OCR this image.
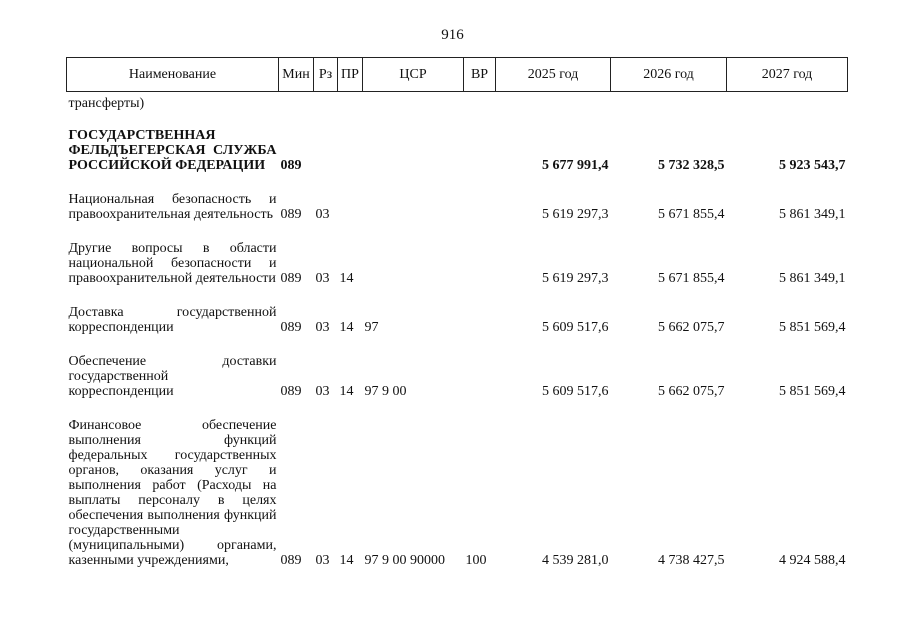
916
Наименование	Мин	Рз	ПР	ЦСР	ВР	2025 год	2026 год	2027 год
трансферты)								
ГОСУДАРСТВЕННАЯ ФЕЛЬДЪЕГЕРСКАЯ СЛУЖБА РОССИЙСКОЙ ФЕДЕРАЦИИ	089					5 677 991,4	5 732 328,5	5 923 543,7
Национальная безопасность и правоохранительная деятельность	089	03				5 619 297,3	5 671 855,4	5 861 349,1
Другие вопросы в области национальной безопасности и правоохранительной деятельности	089	03	14			5 619 297,3	5 671 855,4	5 861 349,1
Доставка государственной корреспонденции	089	03	14	97		5 609 517,6	5 662 075,7	5 851 569,4
Обеспечение доставки государственной корреспонденции	089	03	14	97 9 00		5 609 517,6	5 662 075,7	5 851 569,4
Финансовое обеспечение выполнения функций федеральных государственных органов, оказания услуг и выполнения работ (Расходы на выплаты персоналу в целях обеспечения выполнения функций государственными (муниципальными) органами, казенными учреждениями,	089	03	14	97 9 00 90000	100	4 539 281,0	4 738 427,5	4 924 588,4
